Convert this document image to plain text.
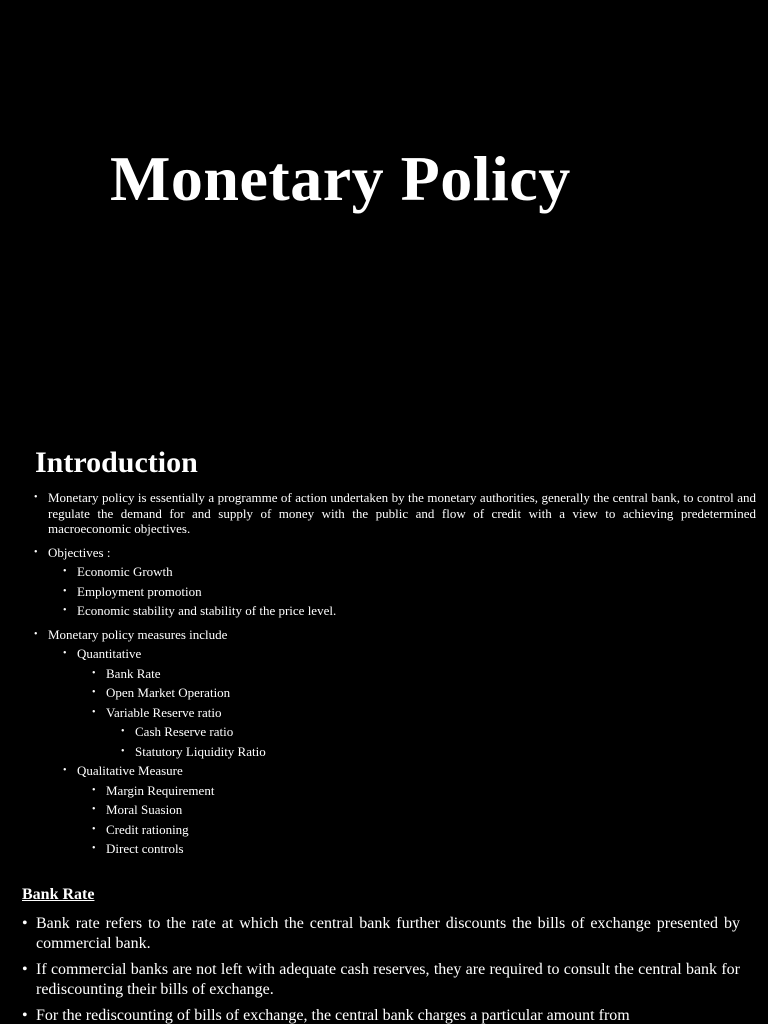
Monetary Policy
Introduction
• Monetary policy is essentially a programme of action undertaken by the monetary authorities, generally the central bank, to control and regulate the demand for and supply of money with the public and flow of credit with a view to achieving predetermined macroeconomic objectives.
• Objectives :
• Economic Growth
• Employment promotion
• Economic stability and stability of the price level.
• Monetary policy measures include
• Quantitative
• Bank Rate
• Open Market Operation
• Variable Reserve ratio
• Cash Reserve ratio
• Statutory Liquidity Ratio
• Qualitative Measure
• Margin Requirement
• Moral Suasion
• Credit rationing
• Direct controls
Bank Rate
• Bank rate refers to the rate at which the central bank further discounts the bills of exchange presented by commercial bank.
• If commercial banks are not left with adequate cash reserves, they are required to consult the central bank for rediscounting their bills of exchange.
• For the rediscounting of bills of exchange, the central bank charges a particular amount from
